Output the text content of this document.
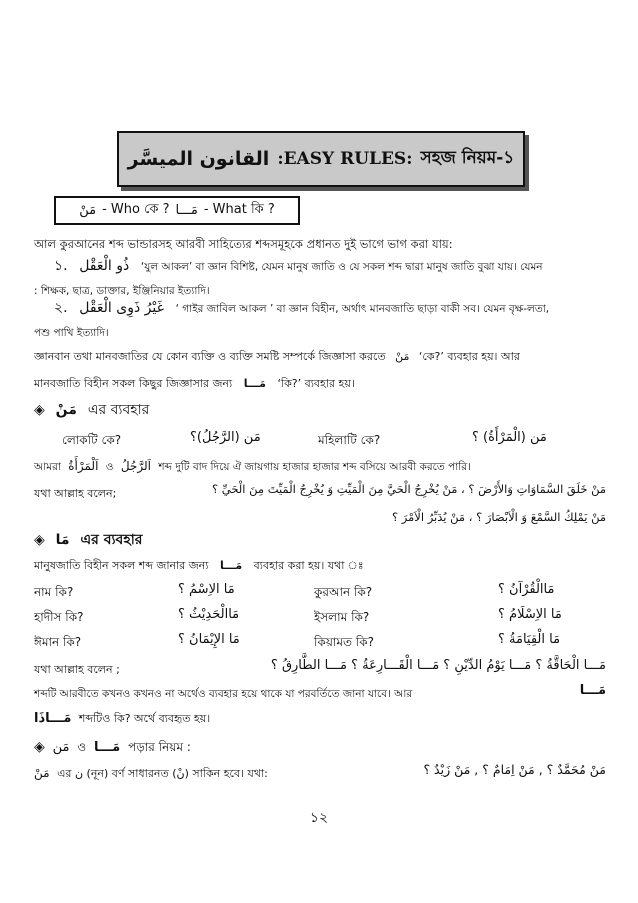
القانون الميسَّر :EASY RULES: সহজ নিয়ম-১
مَنْ - Who কে ? مَـــا - What কি ?
আল কুরআনের শব্দ ভান্ডারসহ আরবী সাহিত্যের শব্দসমূহকে প্রধানত দুই ভাগে ভাগ করা যায়:
১. ذُو الْعَقْل ‘যুল আকল’ বা জ্ঞান বিশিষ্ট, যেমন মানুষ জাতি ও যে সকল শব্দ দ্বারা মানুষ জাতি বুঝা যায়। যেমন
: শিক্ষক, ছাত্র, ডাক্তার, ইঞ্জিনিয়ার ইত্যাদি।
২. غَيْرُ ذَوِى الْعَقْل ‘ গাইর জাবিল আকল ’ বা জ্ঞান বিহীন, অর্থাৎ মানবজাতি ছাড়া বাকী সব। যেমন বৃক্ষ-লতা,
পশু পাখি ইত্যাদি।
জ্ঞানবান তথা মানবজাতির যে কোন ব্যক্তি ও ব্যক্তি সমষ্টি সম্পর্কে জিজ্ঞাসা করতে مَنْ ‘কে?’ ব্যবহার হয়। আর
মানবজাতি বিহীন সকল কিছুর জিজ্ঞাসার জন্য مَـــا ‘কি?’ ব্যবহার হয়।
◈ مَنْ এর ব্যবহার
লোকটি কে?	مَن (الرَّجُلُ)؟	মহিলাটি কে?	مَن (الْمَرْأَةُ) ؟
আমরা اَلْمَرْأَةُ ও اَلرَّجُلُ শব্দ দুটি বাদ দিয়ে ঐ জায়গায় হাজার হাজার শব্দ বসিয়ে আরবী করতে পারি।
যথা আল্লাহ বলেন;	مَنْ خَلَقَ السَّمَاوَاتِ وَالأَرْضَ ؟ ، مَنْ يُخْرِجُ الْحَيَّ مِنَ الْمَيِّتِ وَ يُخْرِجُ الْمَيِّتَ مِنَ الْحَيِّ ؟
مَنْ يَمْلِكُ السَّمْعَ وَ الْاَبْصَارَ ؟ ، مَنْ يُدَبِّرُ الْاَمْرَ ؟
◈ مَا এর ব্যবহার
মানুষজাতি বিহীন সকল শব্দ জানার জন্য مَـــا ব্যবহার করা হয়। যথা ঃ
নাম কি?	مَا الاِسْمُ ؟	কুরআন কি?	مَاالْقُرْآنُ ؟
হাদীস কি?	مَاالْحَدِيْثُ ؟	ইসলাম কি?	مَا الاِسْلَامُ ؟
ঈমান কি?	مَا الإِيْمَانُ ؟	কিয়ামত কি?	مَا الْقِيَامَةُ ؟
যথা আল্লাহ বলেন ;	مَـــا الْحَاقَّةُ ؟ مَـــا يَوْمُ الدِّيْنِ ؟ مَـــا الْقَـــارِعَةُ ؟ مَـــا الطَّارِقُ ؟
مَـــا
শব্দটি আরবীতে কখনও কখনও না অর্থেও ব্যবহার হয়ে থাকে যা পরবর্তিতে জানা যাবে। আর
مَـــاذَا শব্দটিও কি? অর্থে ব্যবহৃত হয়।
◈ مَن ও مَـــا পড়ার নিয়ম :
مَنْ এর ن (নূন) বর্ণ সাধারনত (نْ) সাকিন হবে। যথা:	مَنْ مُحَمَّدٌ ؟ , مَنْ اِمَامٌ ؟ , مَنْ زَيْدٌ ؟
১২
